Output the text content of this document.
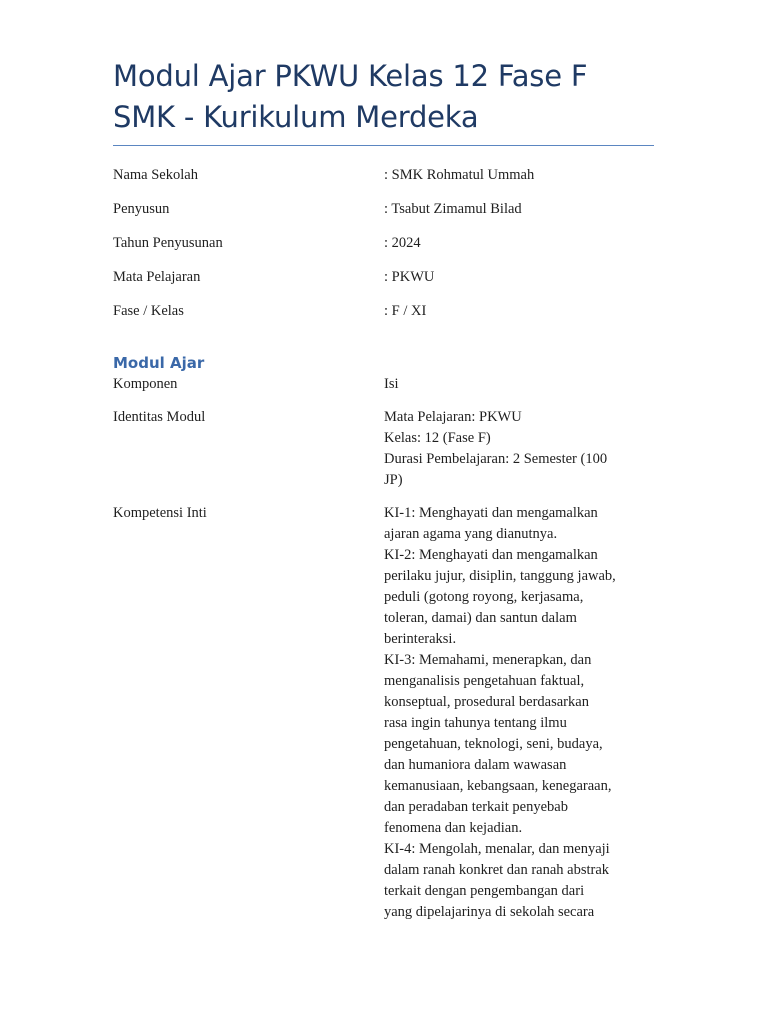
Modul Ajar PKWU Kelas 12 Fase F SMK - Kurikulum Merdeka
Nama Sekolah	: SMK Rohmatul Ummah
Penyusun	: Tsabut Zimamul Bilad
Tahun Penyusunan	: 2024
Mata Pelajaran	: PKWU
Fase / Kelas	: F / XI
Modul Ajar
Komponen	Isi
Identitas Modul	Mata Pelajaran: PKWU
Kelas: 12 (Fase F)
Durasi Pembelajaran: 2 Semester (100
JP)
Kompetensi Inti	KI-1: Menghayati dan mengamalkan
ajaran agama yang dianutnya.
KI-2: Menghayati dan mengamalkan
perilaku jujur, disiplin, tanggung jawab,
peduli (gotong royong, kerjasama,
toleran, damai) dan santun dalam
berinteraksi.
KI-3: Memahami, menerapkan, dan
menganalisis pengetahuan faktual,
konseptual, prosedural berdasarkan
rasa ingin tahunya tentang ilmu
pengetahuan, teknologi, seni, budaya,
dan humaniora dalam wawasan
kemanusiaan, kebangsaan, kenegaraan,
dan peradaban terkait penyebab
fenomena dan kejadian.
KI-4: Mengolah, menalar, dan menyaji
dalam ranah konkret dan ranah abstrak
terkait dengan pengembangan dari
yang dipelajarinya di sekolah secara
